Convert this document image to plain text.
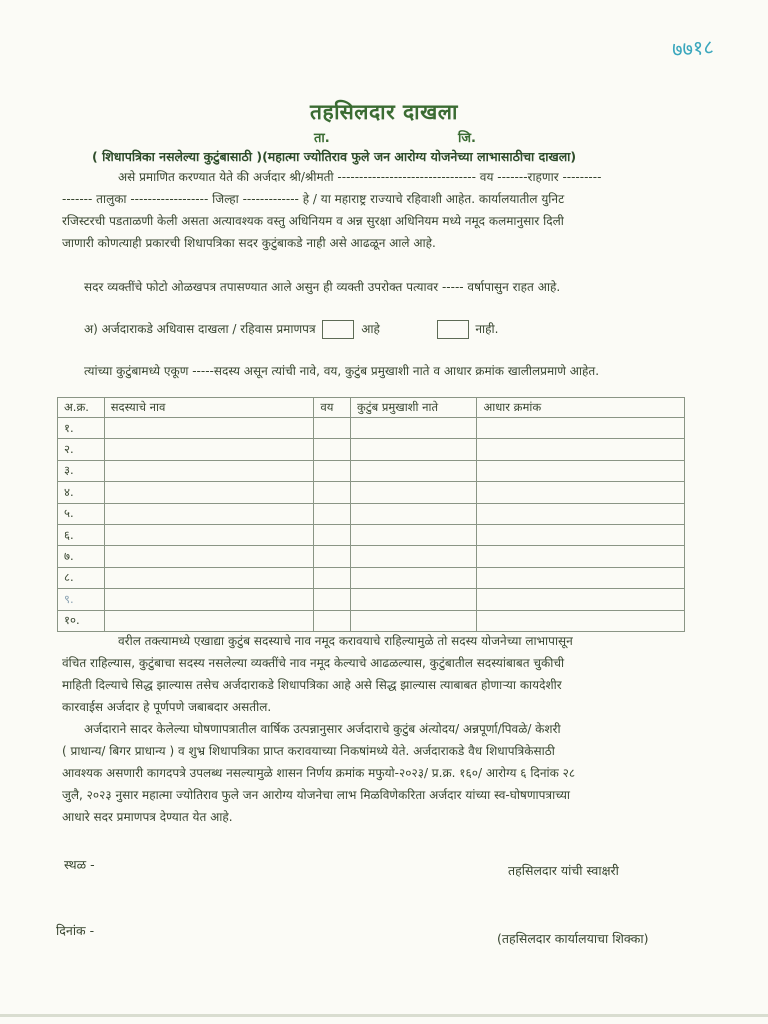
७७१८
तहसिलदार दाखला
ता.	जि.
( शिधापत्रिका नसलेल्या कुटुंबासाठी )(महात्मा ज्योतिराव फुले जन आरोग्य योजनेच्या लाभासाठीचा दाखला)
असे प्रमाणित करण्यात येते की अर्जदार श्री/श्रीमती -------------------------------- वय -------राहणार ---------
------- तालुका ------------------ जिल्हा ------------- हे / या महाराष्ट्र राज्याचे रहिवाशी आहेत. कार्यालयातील युनिट
रजिस्टरची पडताळणी केली असता अत्यावश्यक वस्तु अधिनियम व अन्न सुरक्षा अधिनियम मध्ये नमूद कलमानुसार दिली
जाणारी कोणत्याही प्रकारची शिधापत्रिका सदर कुटुंबाकडे नाही असे आढळून आले आहे.
सदर व्यक्तींचे फोटो ओळखपत्र तपासण्यात आले असुन ही व्यक्ती उपरोक्त पत्यावर ----- वर्षापासुन राहत आहे.
अ) अर्जदाराकडे अधिवास दाखला / रहिवास प्रमाणपत्र	आहे	नाही.
त्यांच्या कुटुंबामध्ये एकूण -----सदस्य असून त्यांची नावे, वय, कुटुंब प्रमुखाशी नाते व आधार क्रमांक खालीलप्रमाणे आहेत.
अ.क्र.	सदस्याचे नाव	वय	कुटुंब प्रमुखाशी नाते	आधार क्रमांक
१.				
२.				
३.				
४.				
५.				
६.				
७.				
८.				
९.				
१०.				
वरील तक्त्यामध्ये एखाद्या कुटुंब सदस्याचे नाव नमूद करावयाचे राहिल्यामुळे तो सदस्य योजनेच्या लाभापासून
वंचित राहिल्यास, कुटुंबाचा सदस्य नसलेल्या व्यक्तींचे नाव नमूद केल्याचे आढळल्यास, कुटुंबातील सदस्यांबाबत चुकीची
माहिती दिल्याचे सिद्ध झाल्यास तसेच अर्जदाराकडे शिधापत्रिका आहे असे सिद्ध झाल्यास त्याबाबत होणाऱ्या कायदेशीर
कारवाईस अर्जदार हे पूर्णपणे जबाबदार असतील.
अर्जदाराने सादर केलेल्या घोषणापत्रातील वार्षिक उत्पन्नानुसार अर्जदाराचे कुटुंब अंत्योदय/ अन्नपूर्णा/पिवळे/ केशरी
( प्राधान्य/ बिगर प्राधान्य ) व शुभ्र शिधापत्रिका प्राप्त करावयाच्या निकषांमध्ये येते. अर्जदाराकडे वैध शिधापत्रिकेसाठी
आवश्यक असणारी कागदपत्रे उपलब्ध नसल्यामुळे शासन निर्णय क्रमांक मफुयो-२०२३/ प्र.क्र. १६०/ आरोग्य ६ दिनांक २८
जुलै, २०२३ नुसार महात्मा ज्योतिराव फुले जन आरोग्य योजनेचा लाभ मिळविणेकरिता अर्जदार यांच्या स्व-घोषणापत्राच्या
आधारे सदर प्रमाणपत्र देण्यात येत आहे.
स्थळ -	तहसिलदार यांची स्वाक्षरी
दिनांक -
(तहसिलदार कार्यालयाचा शिक्का)
